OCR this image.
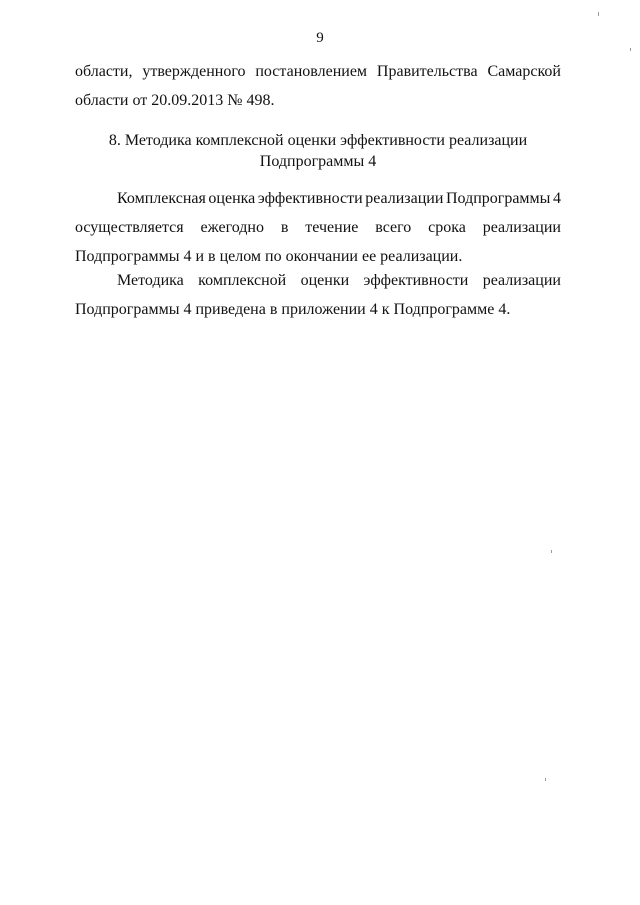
9
области, утвержденного постановлением Правительства Самарской
области от 20.09.2013 № 498.
8. Методика комплексной оценки эффективности реализации
Подпрограммы 4
Комплексная оценка эффективности реализации Подпрограммы 4
осуществляется ежегодно в течение всего срока реализации
Подпрограммы 4 и в целом по окончании ее реализации.
Методика комплексной оценки эффективности реализации
Подпрограммы 4 приведена в приложении 4 к Подпрограмме 4.
